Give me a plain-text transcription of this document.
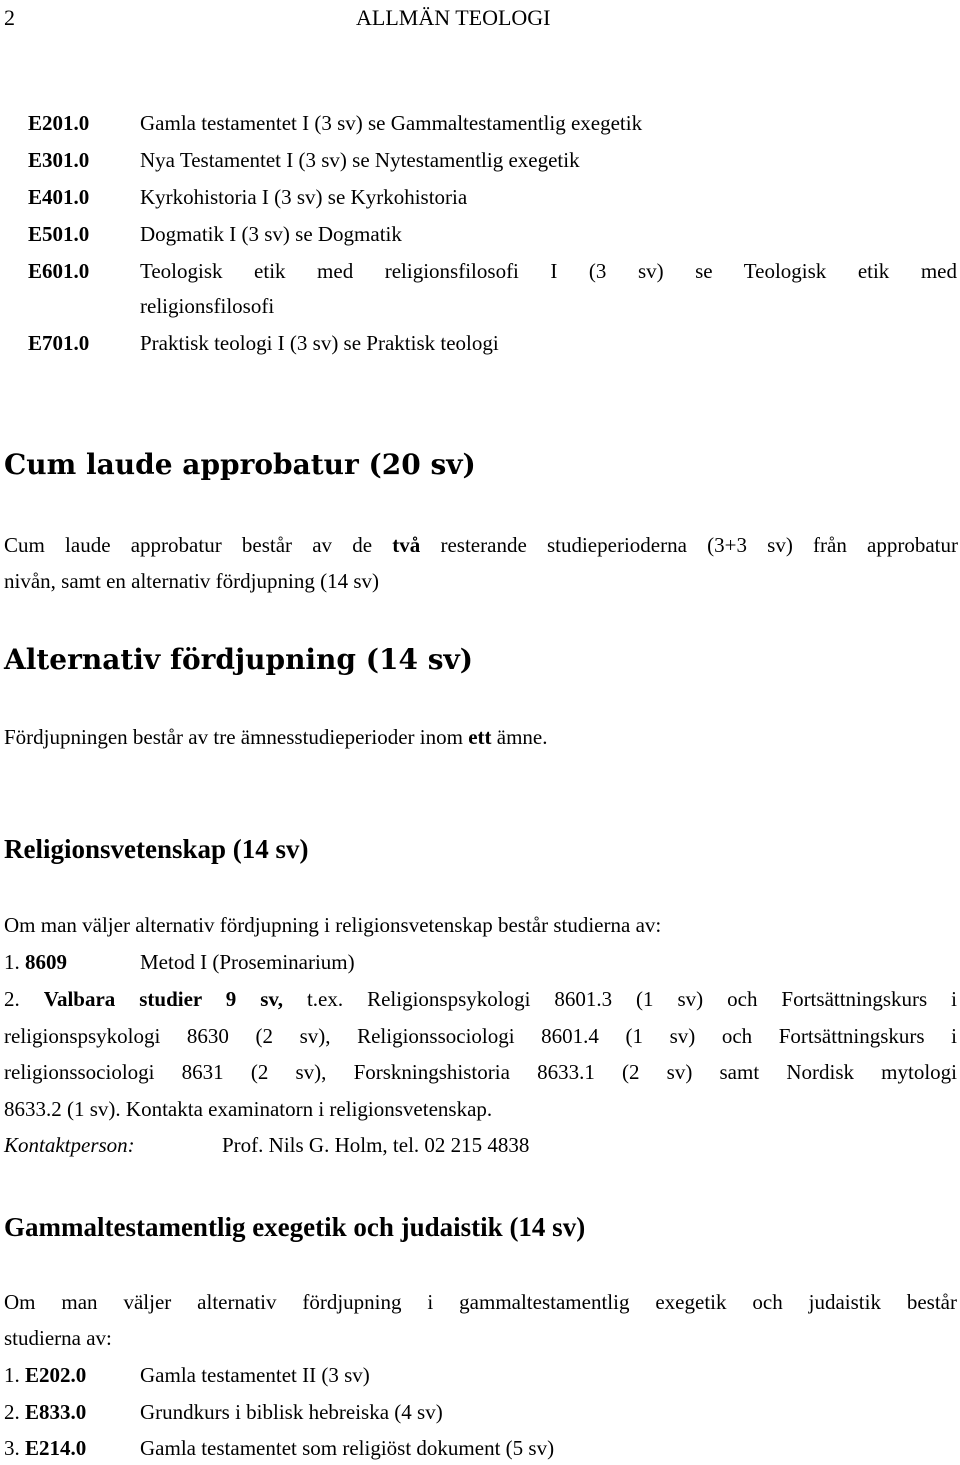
2	ALLMÄN TEOLOGI
E201.0 Gamla testamentet I (3 sv) se Gammaltestamentlig exegetik
E301.0 Nya Testamentet I (3 sv) se Nytestamentlig exegetik
E401.0 Kyrkohistoria I (3 sv) se Kyrkohistoria
E501.0 Dogmatik I (3 sv) se Dogmatik
E601.0 Teologisk etik med religionsfilosofi I (3 sv) se Teologisk etik med
religionsfilosofi
E701.0 Praktisk teologi I (3 sv) se Praktisk teologi
Cum laude approbatur (20 sv)
Cum laude approbatur består av de två resterande studieperioderna (3+3 sv) från approbatur
nivån, samt en alternativ fördjupning (14 sv)
Alternativ fördjupning (14 sv)
Fördjupningen består av tre ämnesstudieperioder inom ett ämne.
Religionsvetenskap (14 sv)
Om man väljer alternativ fördjupning i religionsvetenskap består studierna av:
1. 8609	Metod I (Proseminarium)
2. Valbara studier 9 sv, t.ex. Religionspsykologi 8601.3 (1 sv) och Fortsättningskurs i
religionspsykologi 8630 (2 sv), Religionssociologi 8601.4 (1 sv) och Fortsättningskurs i
religionssociologi 8631 (2 sv), Forskningshistoria 8633.1 (2 sv) samt Nordisk mytologi
8633.2 (1 sv). Kontakta examinatorn i religionsvetenskap.
Kontaktperson:	Prof. Nils G. Holm, tel. 02 215 4838
Gammaltestamentlig exegetik och judaistik (14 sv)
Om man väljer alternativ fördjupning i gammaltestamentlig exegetik och judaistik består
studierna av:
1. E202.0	Gamla testamentet II (3 sv)
2. E833.0	Grundkurs i biblisk hebreiska (4 sv)
3. E214.0	Gamla testamentet som religiöst dokument (5 sv)
